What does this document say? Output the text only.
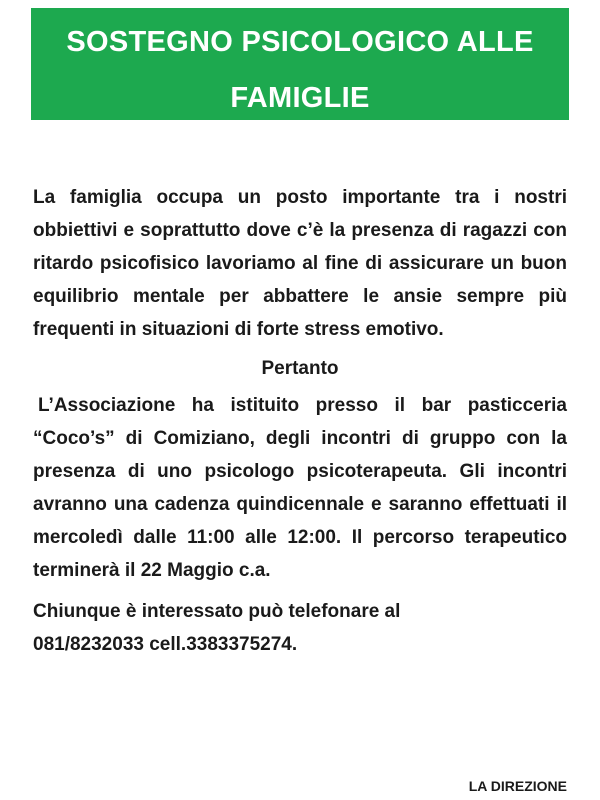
SOSTEGNO PSICOLOGICO ALLE
FAMIGLIE

La famiglia occupa un posto importante tra i nostri obbiettivi e soprattutto dove c’è la presenza di ragazzi con ritardo psicofisico lavoriamo al fine di assicurare un buon equilibrio mentale per abbattere le ansie sempre più frequenti in situazioni di forte stress emotivo.

Pertanto

L’Associazione ha istituito presso il bar pasticceria “Coco’s” di Comiziano, degli incontri di gruppo con la presenza di uno psicologo psicoterapeuta. Gli incontri avranno una cadenza quindicennale e saranno effettuati il mercoledì dalle 11:00 alle 12:00. Il percorso terapeutico terminerà il 22 Maggio c.a.

Chiunque è interessato può telefonare al
081/8232033 cell.3383375274.
LA DIREZIONE
